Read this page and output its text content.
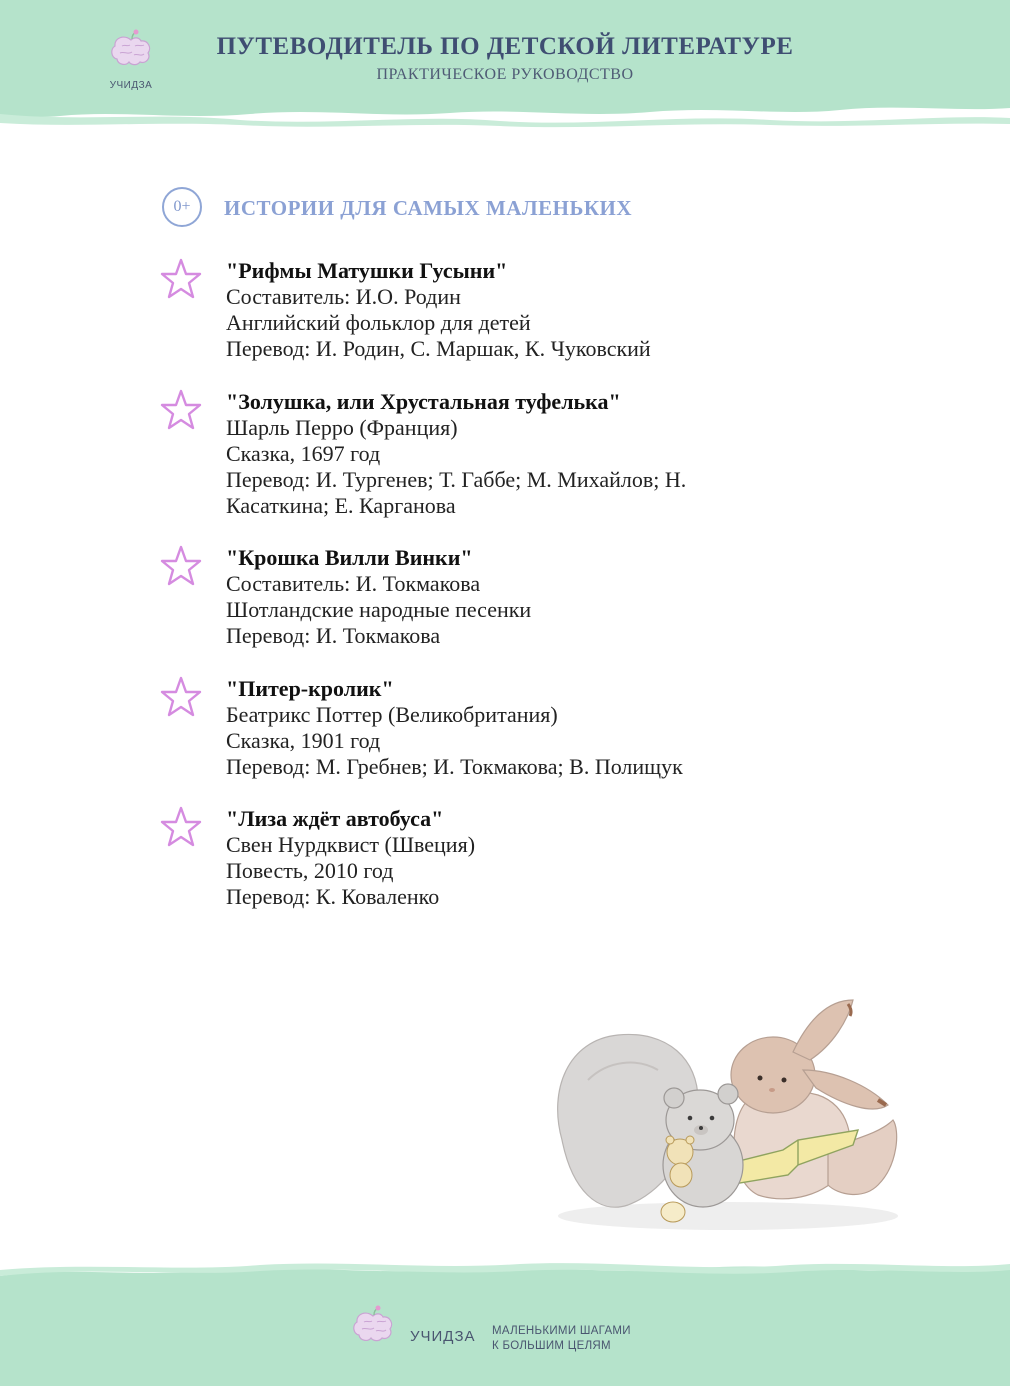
УЧИДЗА
ПУТЕВОДИТЕЛЬ ПО ДЕТСКОЙ ЛИТЕРАТУРЕ
ПРАКТИЧЕСКОЕ РУКОВОДСТВО
0+	ИСТОРИИ ДЛЯ САМЫХ МАЛЕНЬКИХ
"Рифмы Матушки Гусыни"
Составитель: И.О. Родин
Английский фольклор для детей
Перевод: И. Родин, С. Маршак, К. Чуковский
"Золушка, или Хрустальная туфелька"
Шарль Перро (Франция)
Сказка, 1697 год
Перевод: И. Тургенев; Т. Габбе; М. Михайлов; Н.
Касаткина; Е. Карганова
"Крошка Вилли Винки"
Составитель: И. Токмакова
Шотландские народные песенки
Перевод: И. Токмакова
"Питер-кролик"
Беатрикс Поттер (Великобритания)
Сказка, 1901 год
Перевод: М. Гребнев; И. Токмакова; В. Полищук
"Лиза ждёт автобуса"
Свен Нурдквист (Швеция)
Повесть, 2010 год
Перевод: К. Коваленко
УЧИДЗА МАЛЕНЬКИМИ ШАГАМИ
К БОЛЬШИМ ЦЕЛЯМ
